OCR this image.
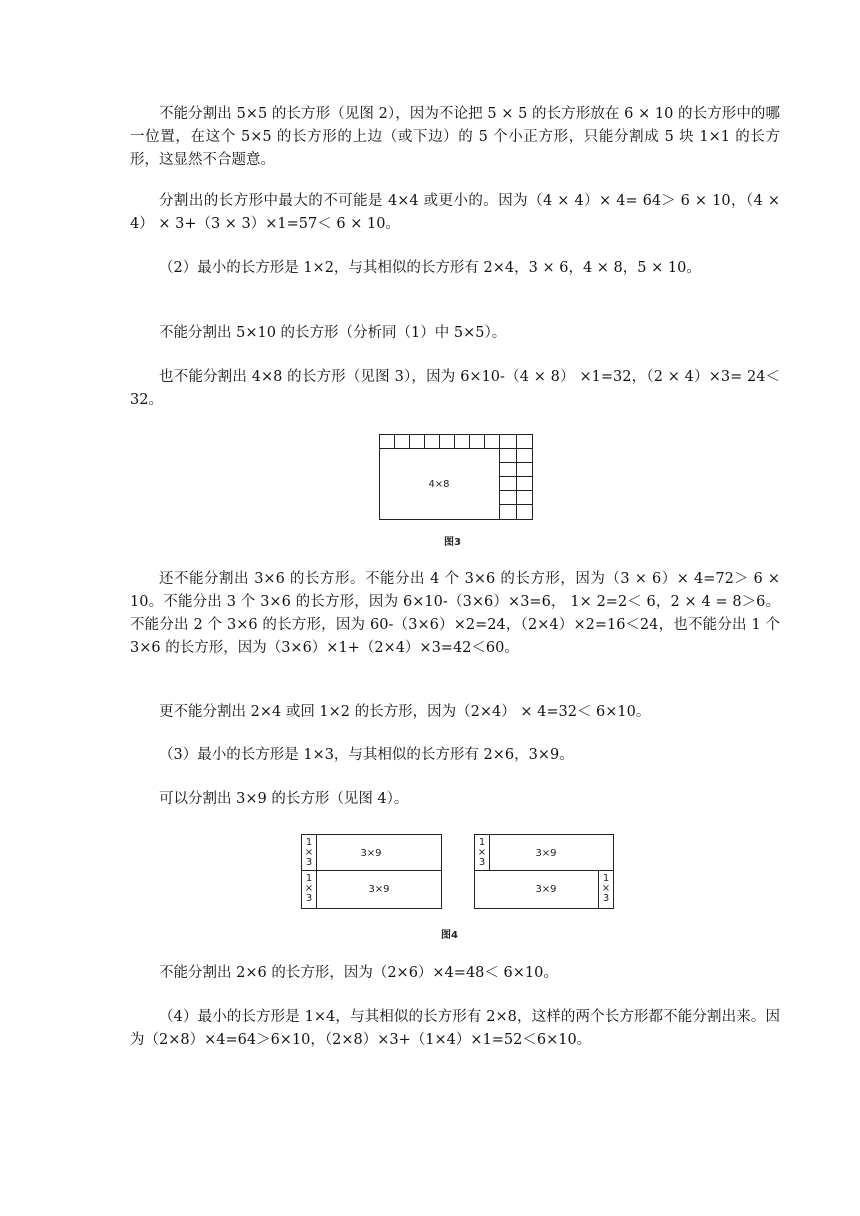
不能分割出 5×5 的长方形（见图 2），因为不论把 5 × 5 的长方形放在 6 × 10 的长方形中的哪一位置，在这个 5×5 的长方形的上边（或下边）的 5 个小正方形，只能分割成 5 块 1×1 的长方形，这显然不合题意。

分割出的长方形中最大的不可能是 4×4 或更小的。因为（4 × 4）× 4= 64＞ 6 × 10，（4 × 4） × 3+（3 × 3）×1=57＜ 6 × 10。

（2）最小的长方形是 1×2，与其相似的长方形有 2×4，3 × 6，4 × 8，5 × 10。

不能分割出 5×10 的长方形（分析同（1）中 5×5）。

也不能分割出 4×8 的长方形（见图 3），因为 6×10-（4 × 8） ×1=32，（2 × 4）×3= 24＜32。

4×8
图3

还不能分割出 3×6 的长方形。不能分出 4 个 3×6 的长方形，因为（3 × 6）× 4=72＞ 6 × 10。不能分出 3 个 3×6 的长方形，因为 6×10-（3×6）×3=6， 1× 2=2＜ 6，2 × 4 = 8＞6。不能分出 2 个 3×6 的长方形，因为 60-（3×6）×2=24，（2×4）×2=16＜24，也不能分出 1 个 3×6 的长方形，因为（3×6）×1+（2×4）×3=42＜60。

更不能分割出 2×4 或回 1×2 的长方形，因为（2×4） × 4=32＜ 6×10。

（3）最小的长方形是 1×3，与其相似的长方形有 2×6，3×9。

可以分割出 3×9 的长方形（见图 4）。

3×9
3×9
1
×
3
1
×
3
3×9
3×9
1
×
3
1
×
3
图4

不能分割出 2×6 的长方形，因为（2×6）×4=48＜ 6×10。

（4）最小的长方形是 1×4，与其相似的长方形有 2×8，这样的两个长方形都不能分割出来。因为（2×8）×4=64＞6×10，（2×8）×3+（1×4）×1=52＜6×10。
